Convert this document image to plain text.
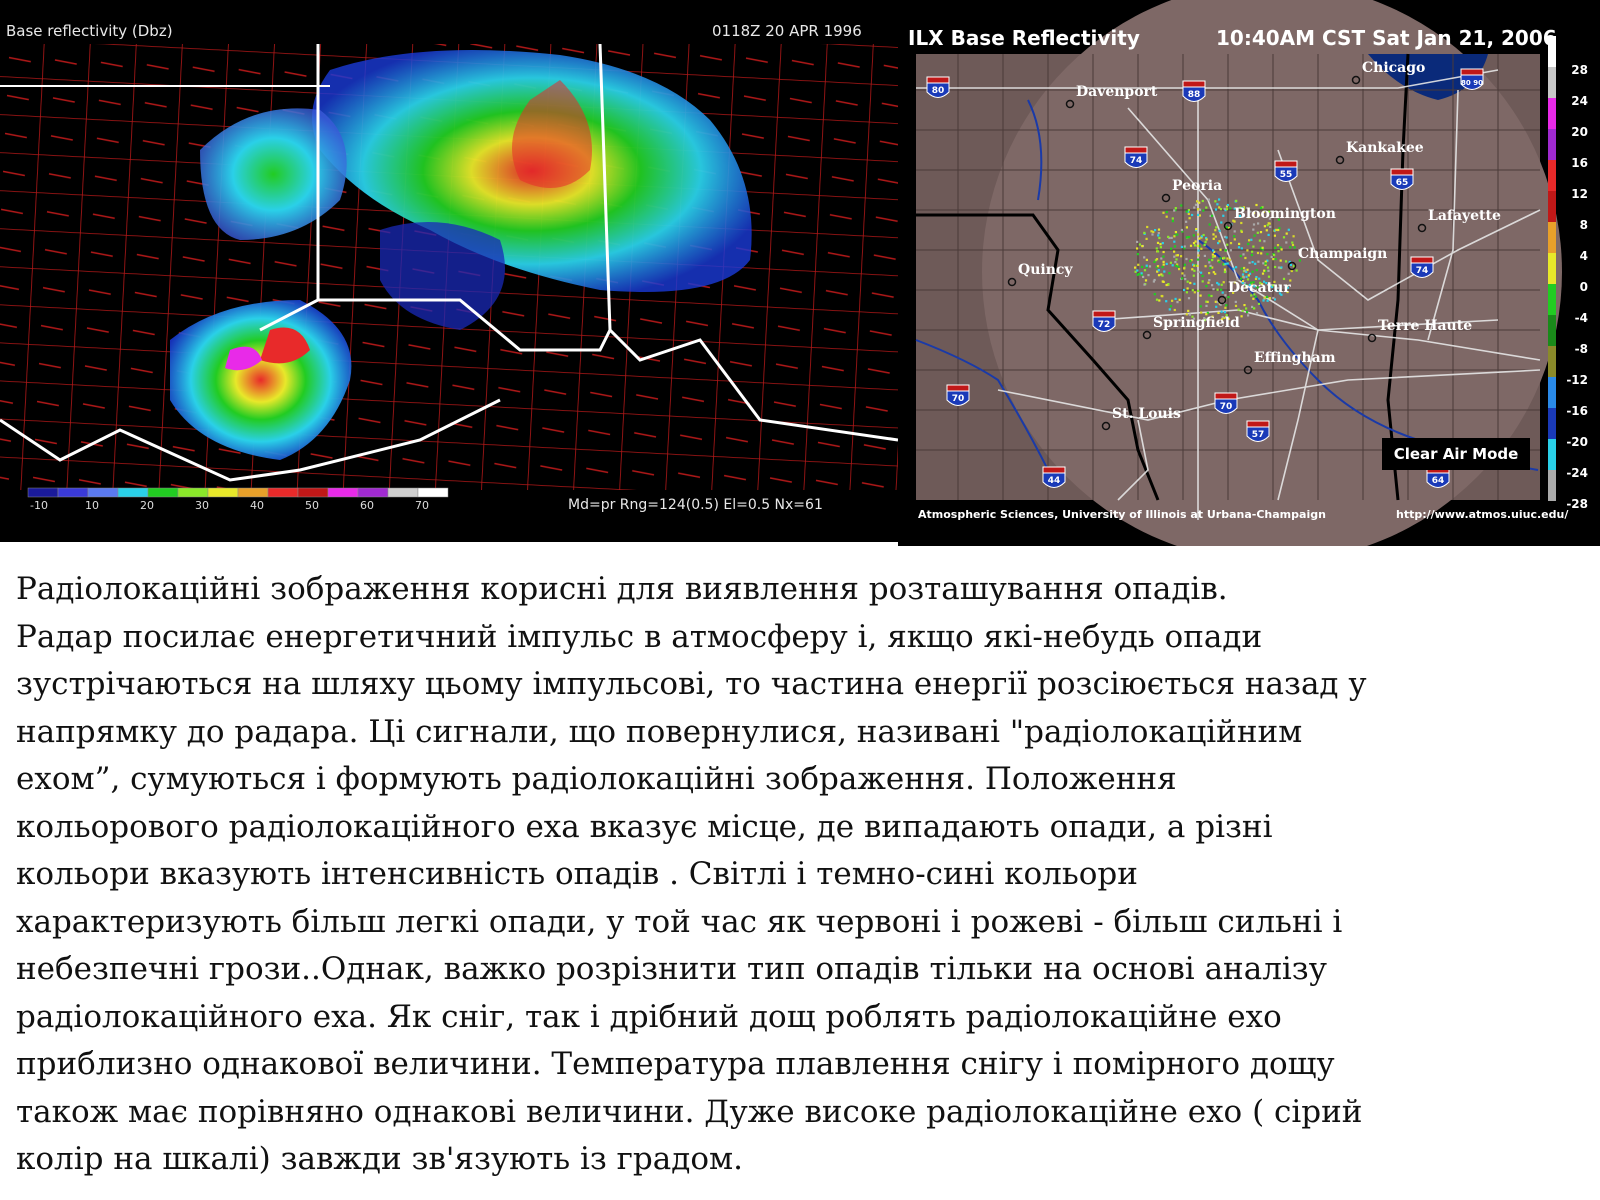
Base reflectivity (Dbz)	0118Z 20 APR 1996
Md=pr Rng=124(0.5) El=0.5 Nx=61
-10	10	20	30	40	50	60	70
Chicago
Davenport
Kankakee
Peoria
Bloomington	Lafayette
Quincy
Champaign
Decatur
Springfield	Terre Haute
Effingham
St. Louis
80	88
80 90
74
55
65
74
72
70
70
57
44	64
28
24
20
16
12
8
4
0
-4
-8
-12
-16
-20
-24
-28
ILX Base Reflectivity	10:40AM CST Sat Jan 21, 2006
Atmospheric Sciences, University of Illinois at Urbana-Champaign	http://www.atmos.uiuc.edu/
Clear Air Mode
Радіолокаційні зображення корисні для виявлення розташування опадів.
Радар посилає енергетичний імпульс в атмосферу і, якщо які-небудь опади
зустрічаються на шляху цьому імпульсові, то частина енергії розсіюється назад у
напрямку до радара. Ці сигнали, що повернулися, називані "радіолокаційним
ехом”, сумуються і формують радіолокаційні зображення. Положення
кольорового радіолокаційного еха вказує місце, де випадають опади, а різні
кольори вказують інтенсивність опадів . Світлі і темно-сині кольори
характеризують більш легкі опади, у той час як червоні і рожеві - більш сильні і
небезпечні грози..Однак, важко розрізнити тип опадів тільки на основі аналізу
радіолокаційного еха. Як сніг, так і дрібний дощ роблять радіолокаційне ехо
приблизно однакової величини. Температура плавлення снігу і помірного дощу
також має порівняно однакові величини. Дуже високе радіолокаційне ехо ( сірий
колір на шкалі) завжди зв'язують із градом.
